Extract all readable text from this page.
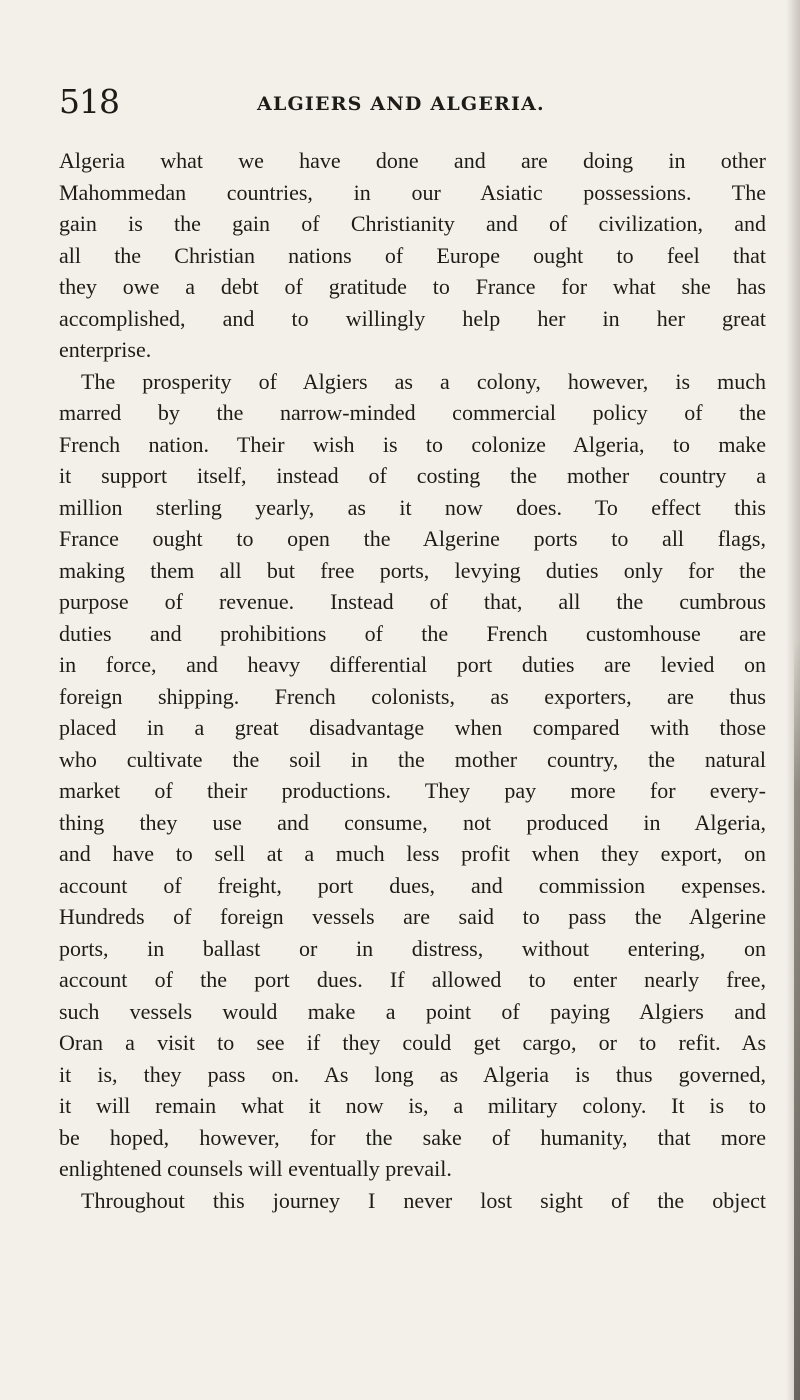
518	ALGIERS AND ALGERIA.
Algeria what we have done and are doing in other
Mahommedan countries, in our Asiatic possessions. The
gain is the gain of Christianity and of civilization, and
all the Christian nations of Europe ought to feel that
they owe a debt of gratitude to France for what she has
accomplished, and to willingly help her in her great
enterprise.
The prosperity of Algiers as a colony, however, is much
marred by the narrow-minded commercial policy of the
French nation. Their wish is to colonize Algeria, to make
it support itself, instead of costing the mother country a
million sterling yearly, as it now does. To effect this
France ought to open the Algerine ports to all flags,
making them all but free ports, levying duties only for the
purpose of revenue. Instead of that, all the cumbrous
duties and prohibitions of the French customhouse are
in force, and heavy differential port duties are levied on
foreign shipping. French colonists, as exporters, are thus
placed in a great disadvantage when compared with those
who cultivate the soil in the mother country, the natural
market of their productions. They pay more for every-
thing they use and consume, not produced in Algeria,
and have to sell at a much less profit when they export, on
account of freight, port dues, and commission expenses.
Hundreds of foreign vessels are said to pass the Algerine
ports, in ballast or in distress, without entering, on
account of the port dues. If allowed to enter nearly free,
such vessels would make a point of paying Algiers and
Oran a visit to see if they could get cargo, or to refit. As
it is, they pass on. As long as Algeria is thus governed,
it will remain what it now is, a military colony. It is to
be hoped, however, for the sake of humanity, that more
enlightened counsels will eventually prevail.
Throughout this journey I never lost sight of the object
